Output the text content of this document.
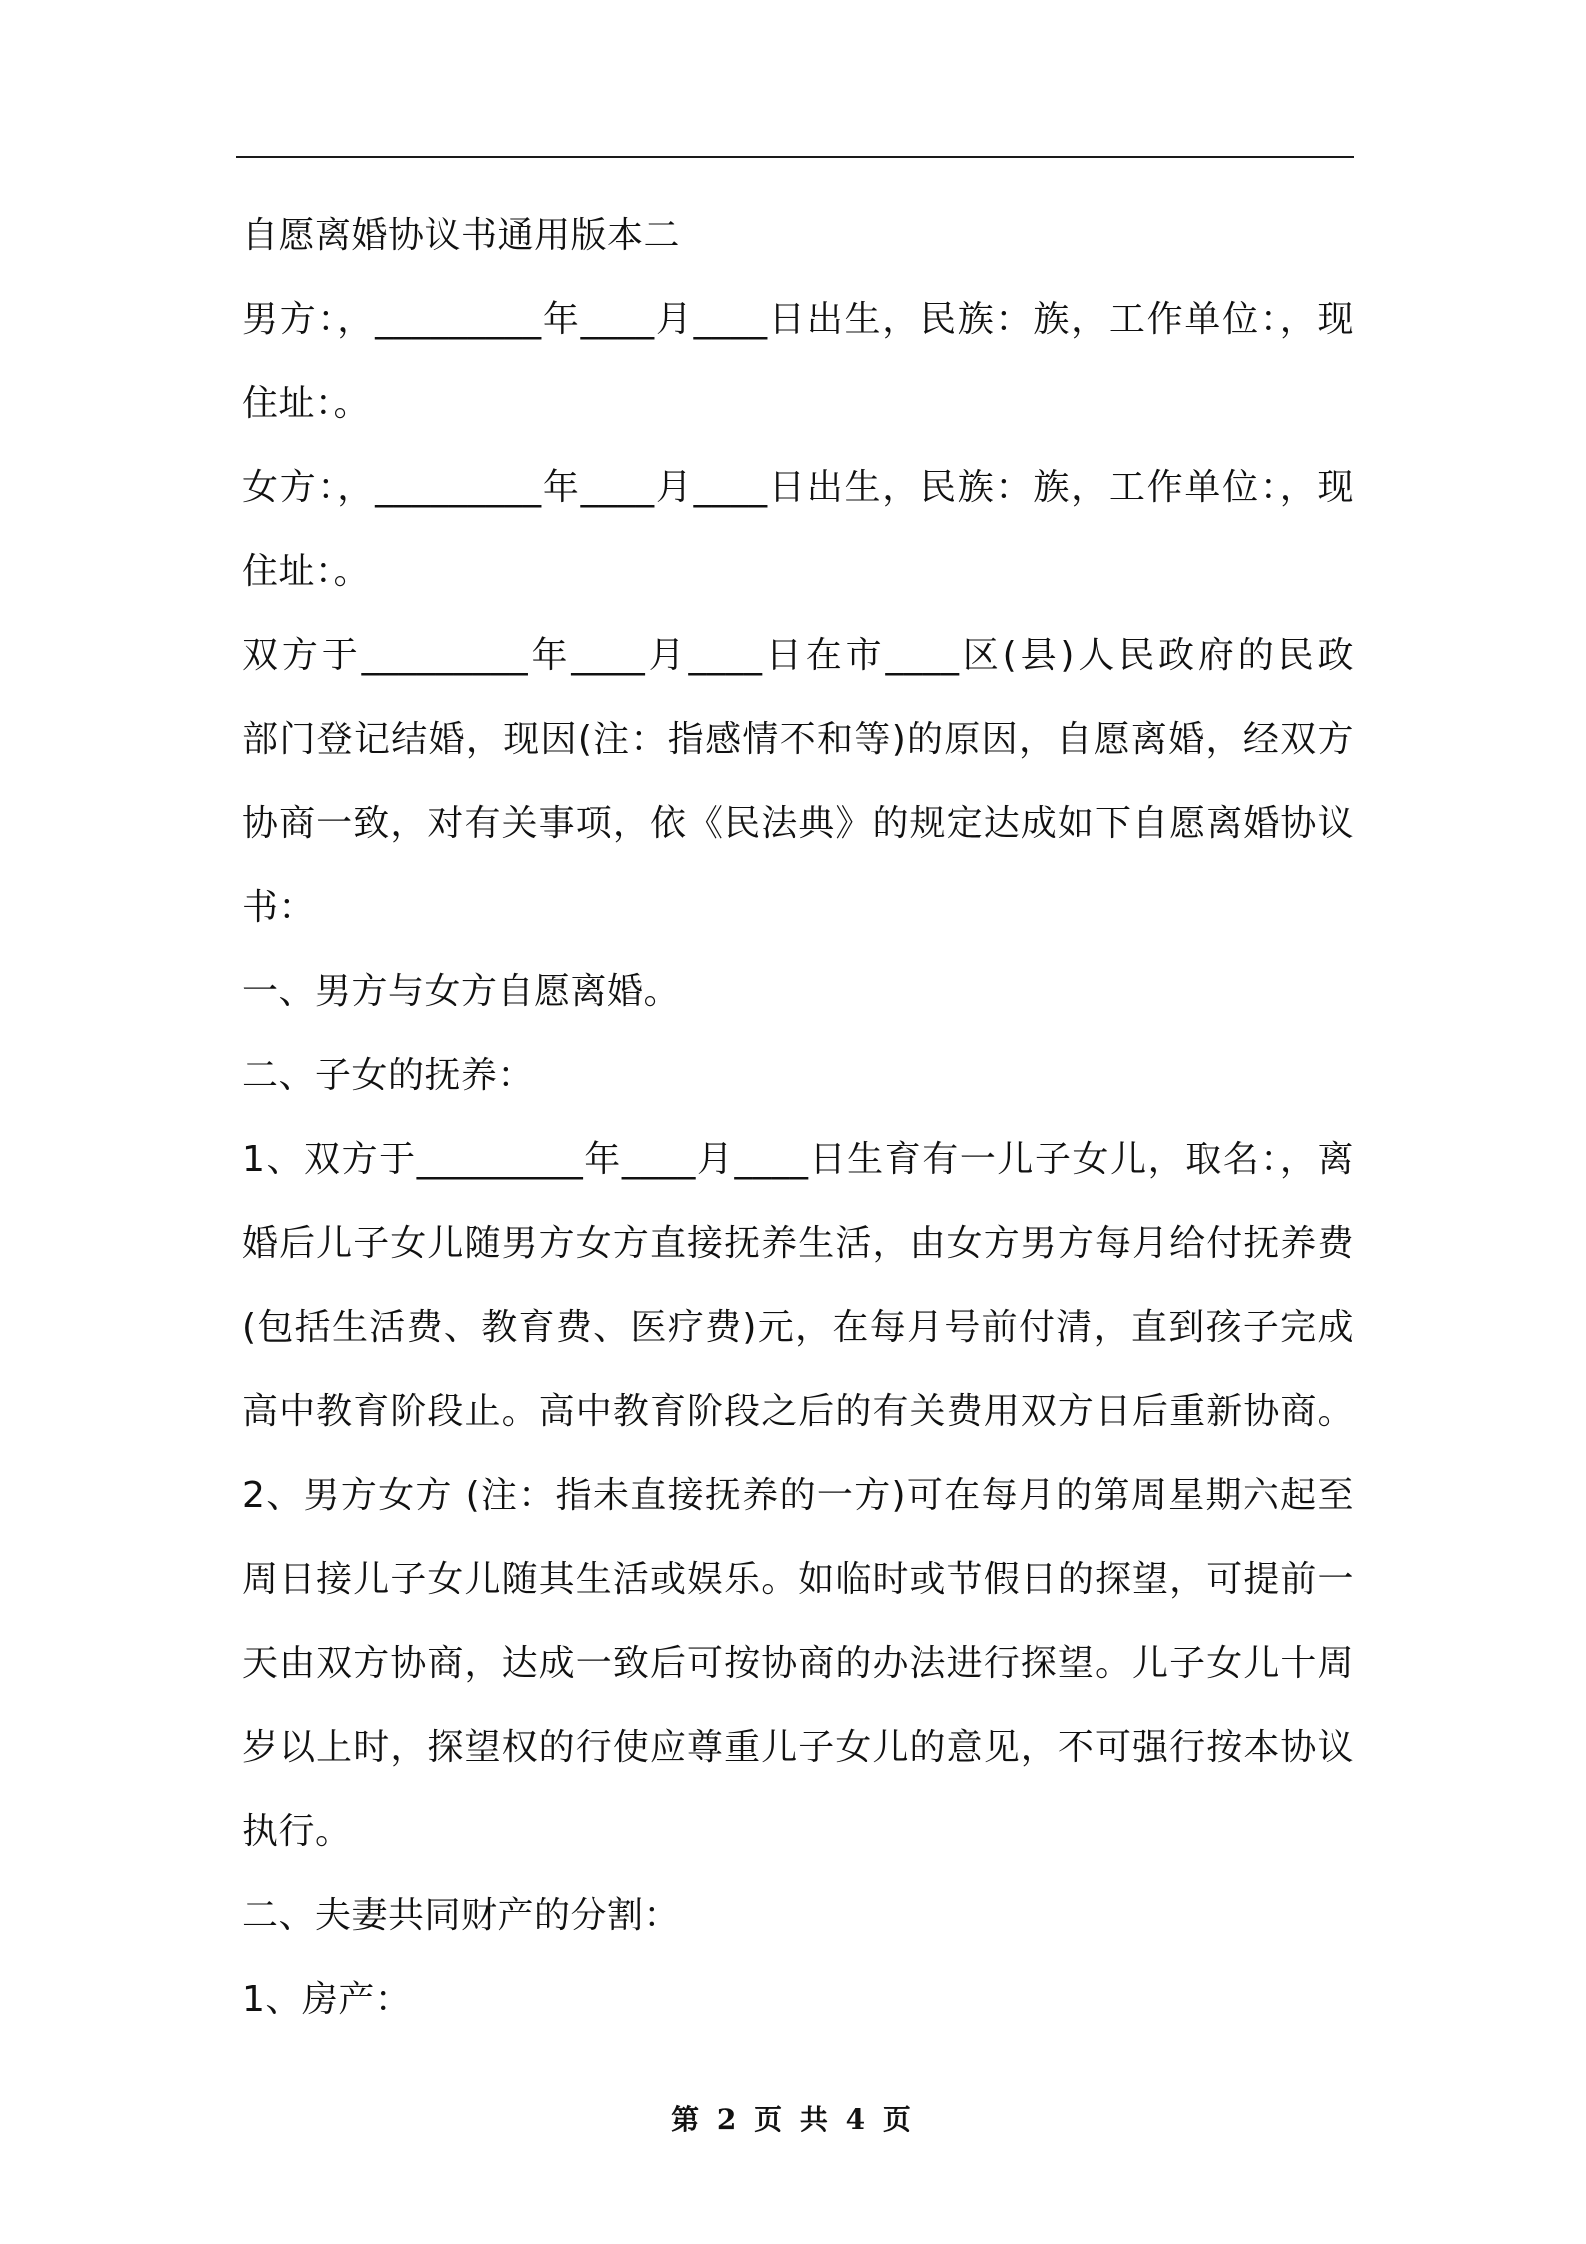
自愿离婚协议书通用版本二
男方：，_________年____月____日出生，民族：族，工作单位：，现
住址：。
女方：，_________年____月____日出生，民族：族，工作单位：，现
住址：。
双方于_________年____月____日在市____区(县)人民政府的民政
部门登记结婚，现因(注：指感情不和等)的原因，自愿离婚，经双方
协商一致，对有关事项，依《民法典》的规定达成如下自愿离婚协议
书：
一、男方与女方自愿离婚。
二、子女的抚养：
1、双方于_________年____月____日生育有一儿子女儿，取名：，离
婚后儿子女儿随男方女方直接抚养生活，由女方男方每月给付抚养费
(包括生活费、教育费、医疗费)元，在每月号前付清，直到孩子完成
高中教育阶段止。高中教育阶段之后的有关费用双方日后重新协商。
2、男方女方 (注：指未直接抚养的一方)可在每月的第周星期六起至
周日接儿子女儿随其生活或娱乐。如临时或节假日的探望，可提前一
天由双方协商，达成一致后可按协商的办法进行探望。儿子女儿十周
岁以上时，探望权的行使应尊重儿子女儿的意见，不可强行按本协议
执行。
二、夫妻共同财产的分割：
1、房产：
第 2 页 共 4 页
